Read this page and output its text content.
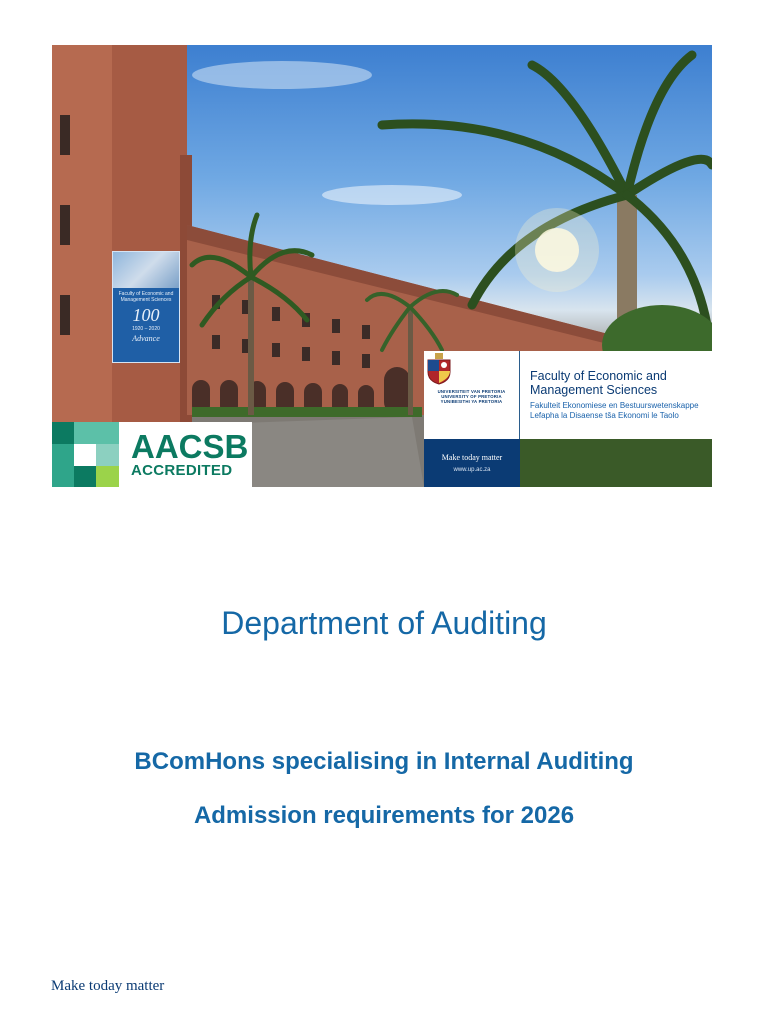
Faculty of Economic and Management Sciences
100
1920 – 2020
Advance
AACSB
ACCREDITED
UNIVERSITEIT VAN PRETORIA
UNIVERSITY OF PRETORIA
YUNIBESITHI YA PRETORIA
Faculty of Economic and
Management Sciences
Fakulteit Ekonomiese en Bestuurswetenskappe
Lefapha la Disaense tša Ekonomi le Taolo
Make today matter
www.up.ac.za
Department of Auditing
BComHons specialising in Internal Auditing
Admission requirements for 2026
Make today matter
